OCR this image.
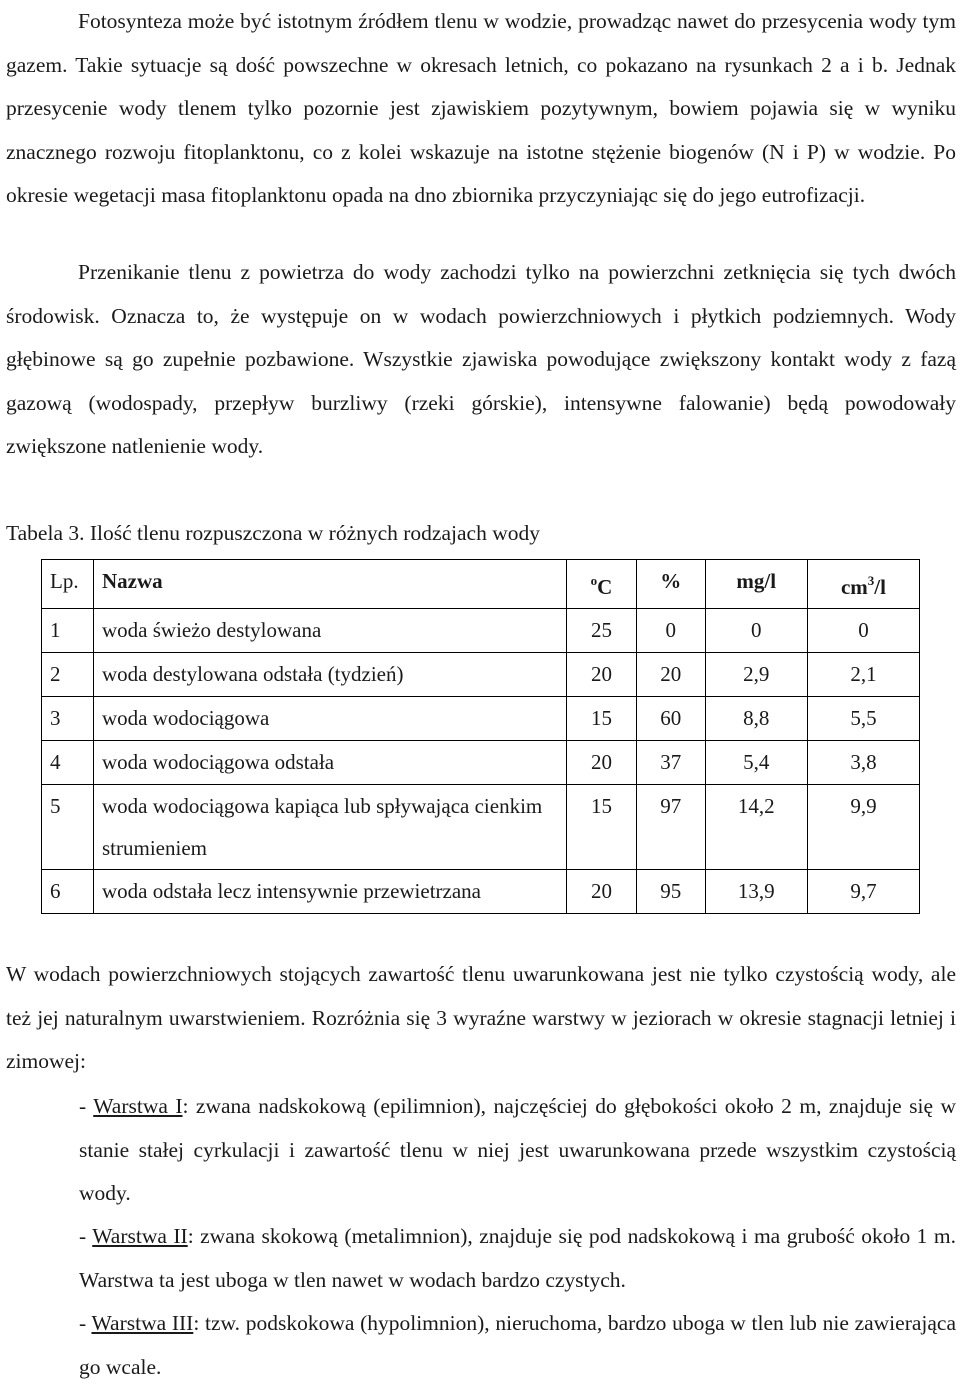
Fotosynteza może być istotnym źródłem tlenu w wodzie, prowadząc nawet do przesycenia wody tym gazem. Takie sytuacje są dość powszechne w okresach letnich, co pokazano na rysunkach 2 a i b. Jednak przesycenie wody tlenem tylko pozornie jest zjawiskiem pozytywnym, bowiem pojawia się w wyniku znacznego rozwoju fitoplanktonu, co z kolei wskazuje na istotne stężenie biogenów (N i P) w wodzie. Po okresie wegetacji masa fitoplanktonu opada na dno zbiornika przyczyniając się do jego eutrofizacji.

Przenikanie tlenu z powietrza do wody zachodzi tylko na powierzchni zetknięcia się tych dwóch środowisk. Oznacza to, że występuje on w wodach powierzchniowych i płytkich podziemnych. Wody głębinowe są go zupełnie pozbawione. Wszystkie zjawiska powodujące zwiększony kontakt wody z fazą gazową (wodospady, przepływ burzliwy (rzeki górskie), intensywne falowanie) będą powodowały zwiększone natlenienie wody.

Tabela 3. Ilość tlenu rozpuszczona w różnych rodzajach wody

Lp.	Nazwa	$^o$C	%	mg/l	$cm^3/l$
1	woda świeżo destylowana	25	0	0	0
2	woda destylowana odstała (tydzień)	20	20	2,9	2,1
3	woda wodociągowa	15	60	8,8	5,5
4	woda wodociągowa odstała	20	37	5,4	3,8
5	woda wodociągowa kapiąca lub spływająca cienkim strumieniem	15	97	14,2	9,9
6	woda odstała lecz intensywnie przewietrzana	20	95	13,9	9,7

W wodach powierzchniowych stojących zawartość tlenu uwarunkowana jest nie tylko czystością wody, ale też jej naturalnym uwarstwieniem. Rozróżnia się 3 wyraźne warstwy w jeziorach w okresie stagnacji letniej i zimowej:

- Warstwa I: zwana nadskokową (epilimnion), najczęściej do głębokości około 2 m, znajduje się w stanie stałej cyrkulacji i zawartość tlenu w niej jest uwarunkowana przede wszystkim czystością wody.

- Warstwa II: zwana skokową (metalimnion), znajduje się pod nadskokową i ma grubość około 1 m. Warstwa ta jest uboga w tlen nawet w wodach bardzo czystych.

- Warstwa III: tzw. podskokowa (hypolimnion), nieruchoma, bardzo uboga w tlen lub nie zawierająca go wcale.
